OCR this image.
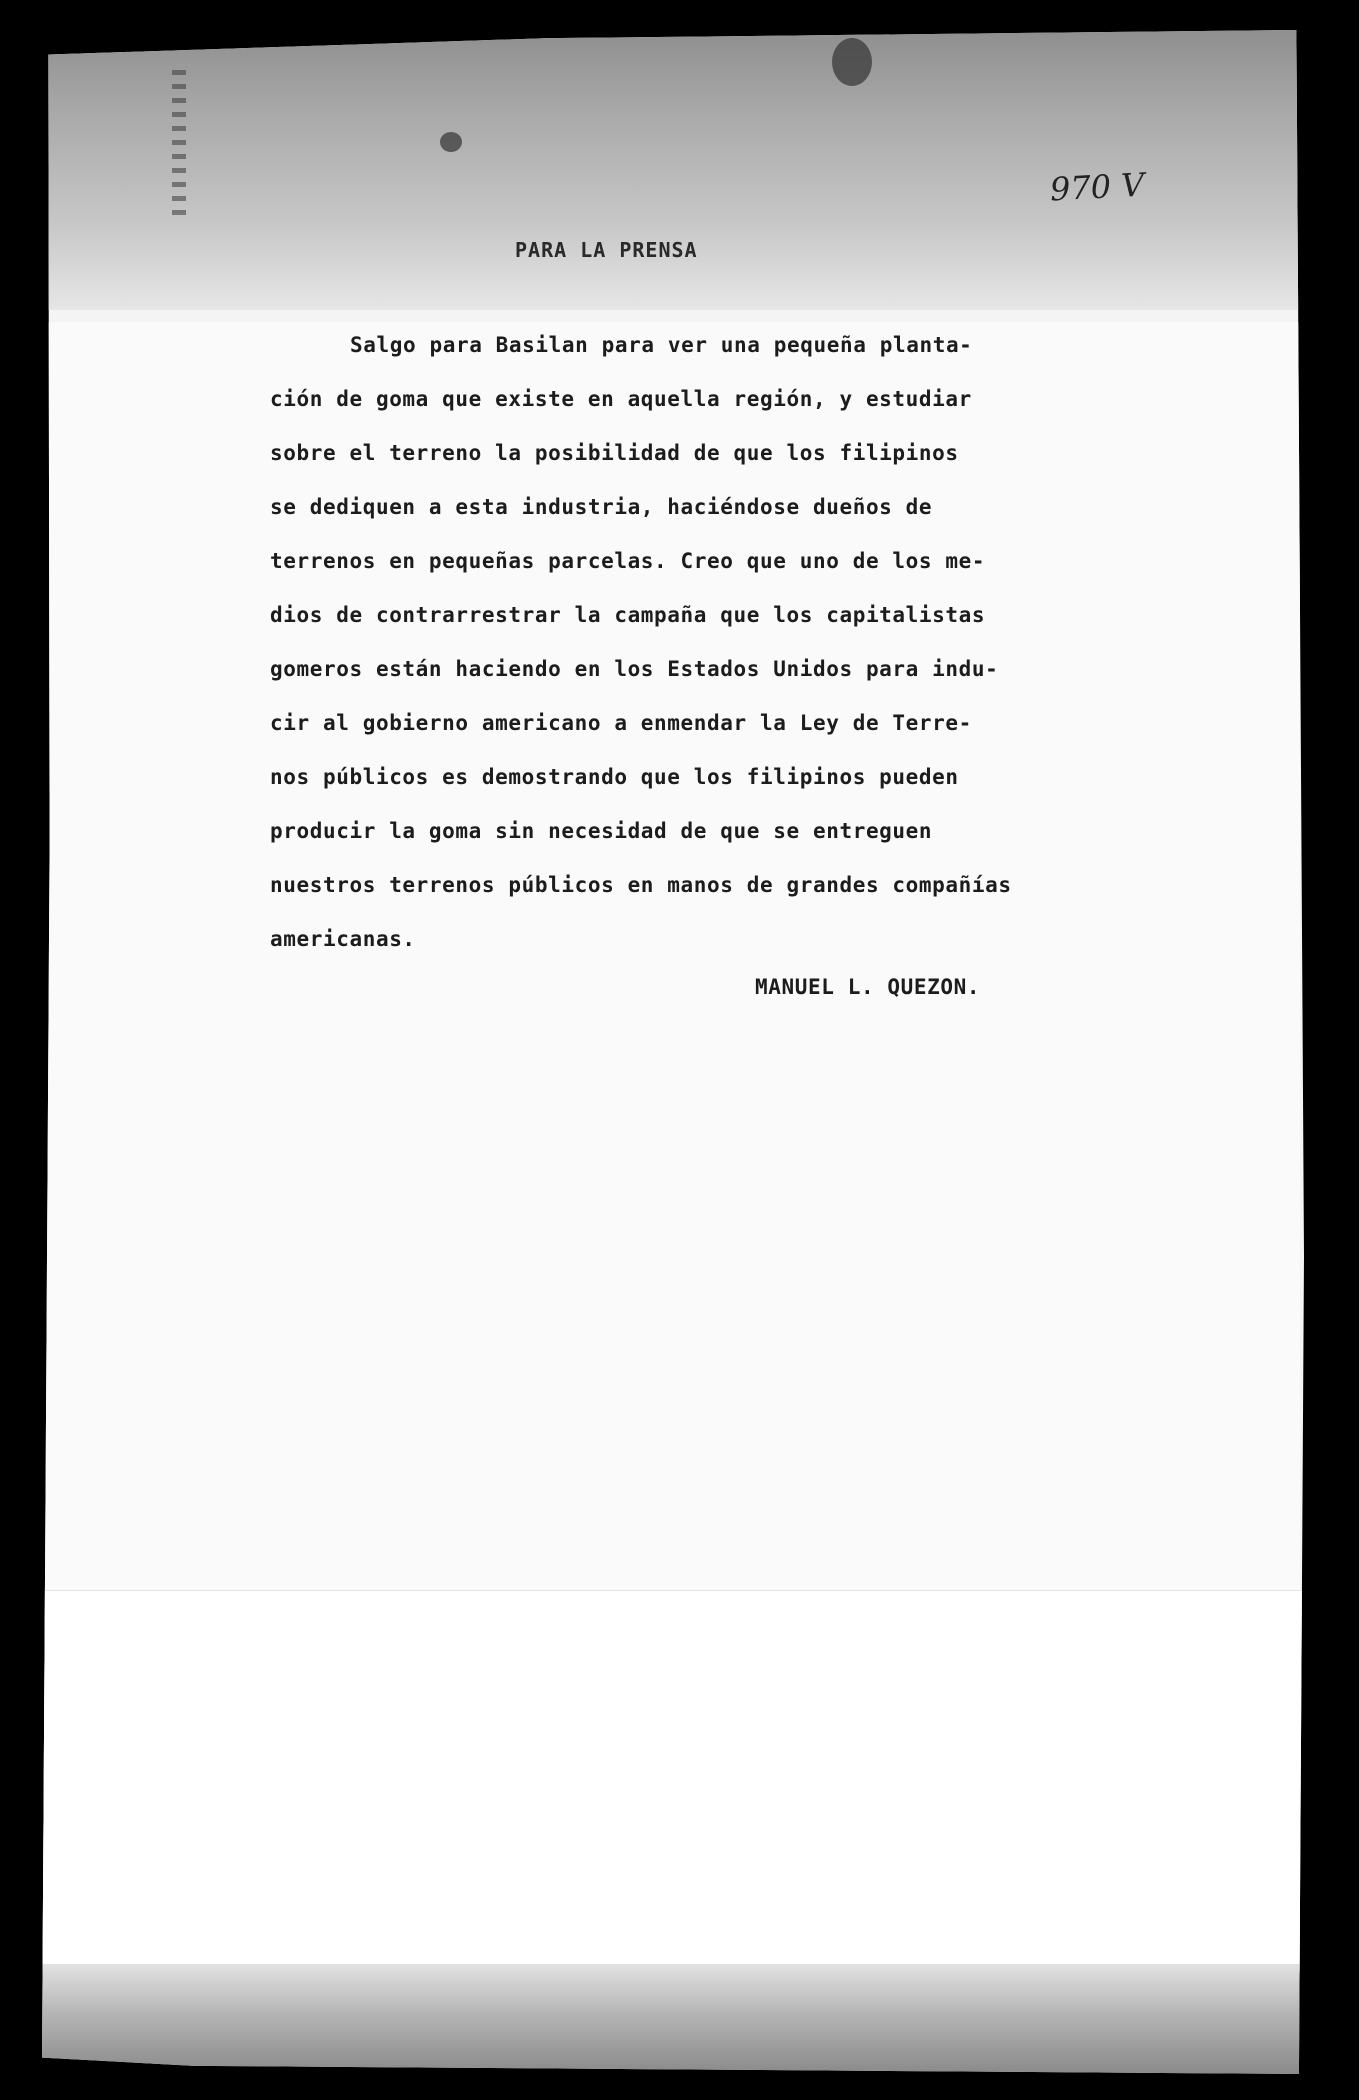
970 V
PARA LA PRENSA
Salgo para Basilan para ver una pequeña planta-
ción de goma que existe en aquella región, y estudiar
sobre el terreno la posibilidad de que los filipinos
se dediquen a esta industria, haciéndose dueños de
terrenos en pequeñas parcelas. Creo que uno de los me-
dios de contrarrestrar la campaña que los capitalistas
gomeros están haciendo en los Estados Unidos para indu-
cir al gobierno americano a enmendar la Ley de Terre-
nos públicos es demostrando que los filipinos pueden
producir la goma sin necesidad de que se entreguen
nuestros terrenos públicos en manos de grandes compañías
americanas.
MANUEL L. QUEZON.
